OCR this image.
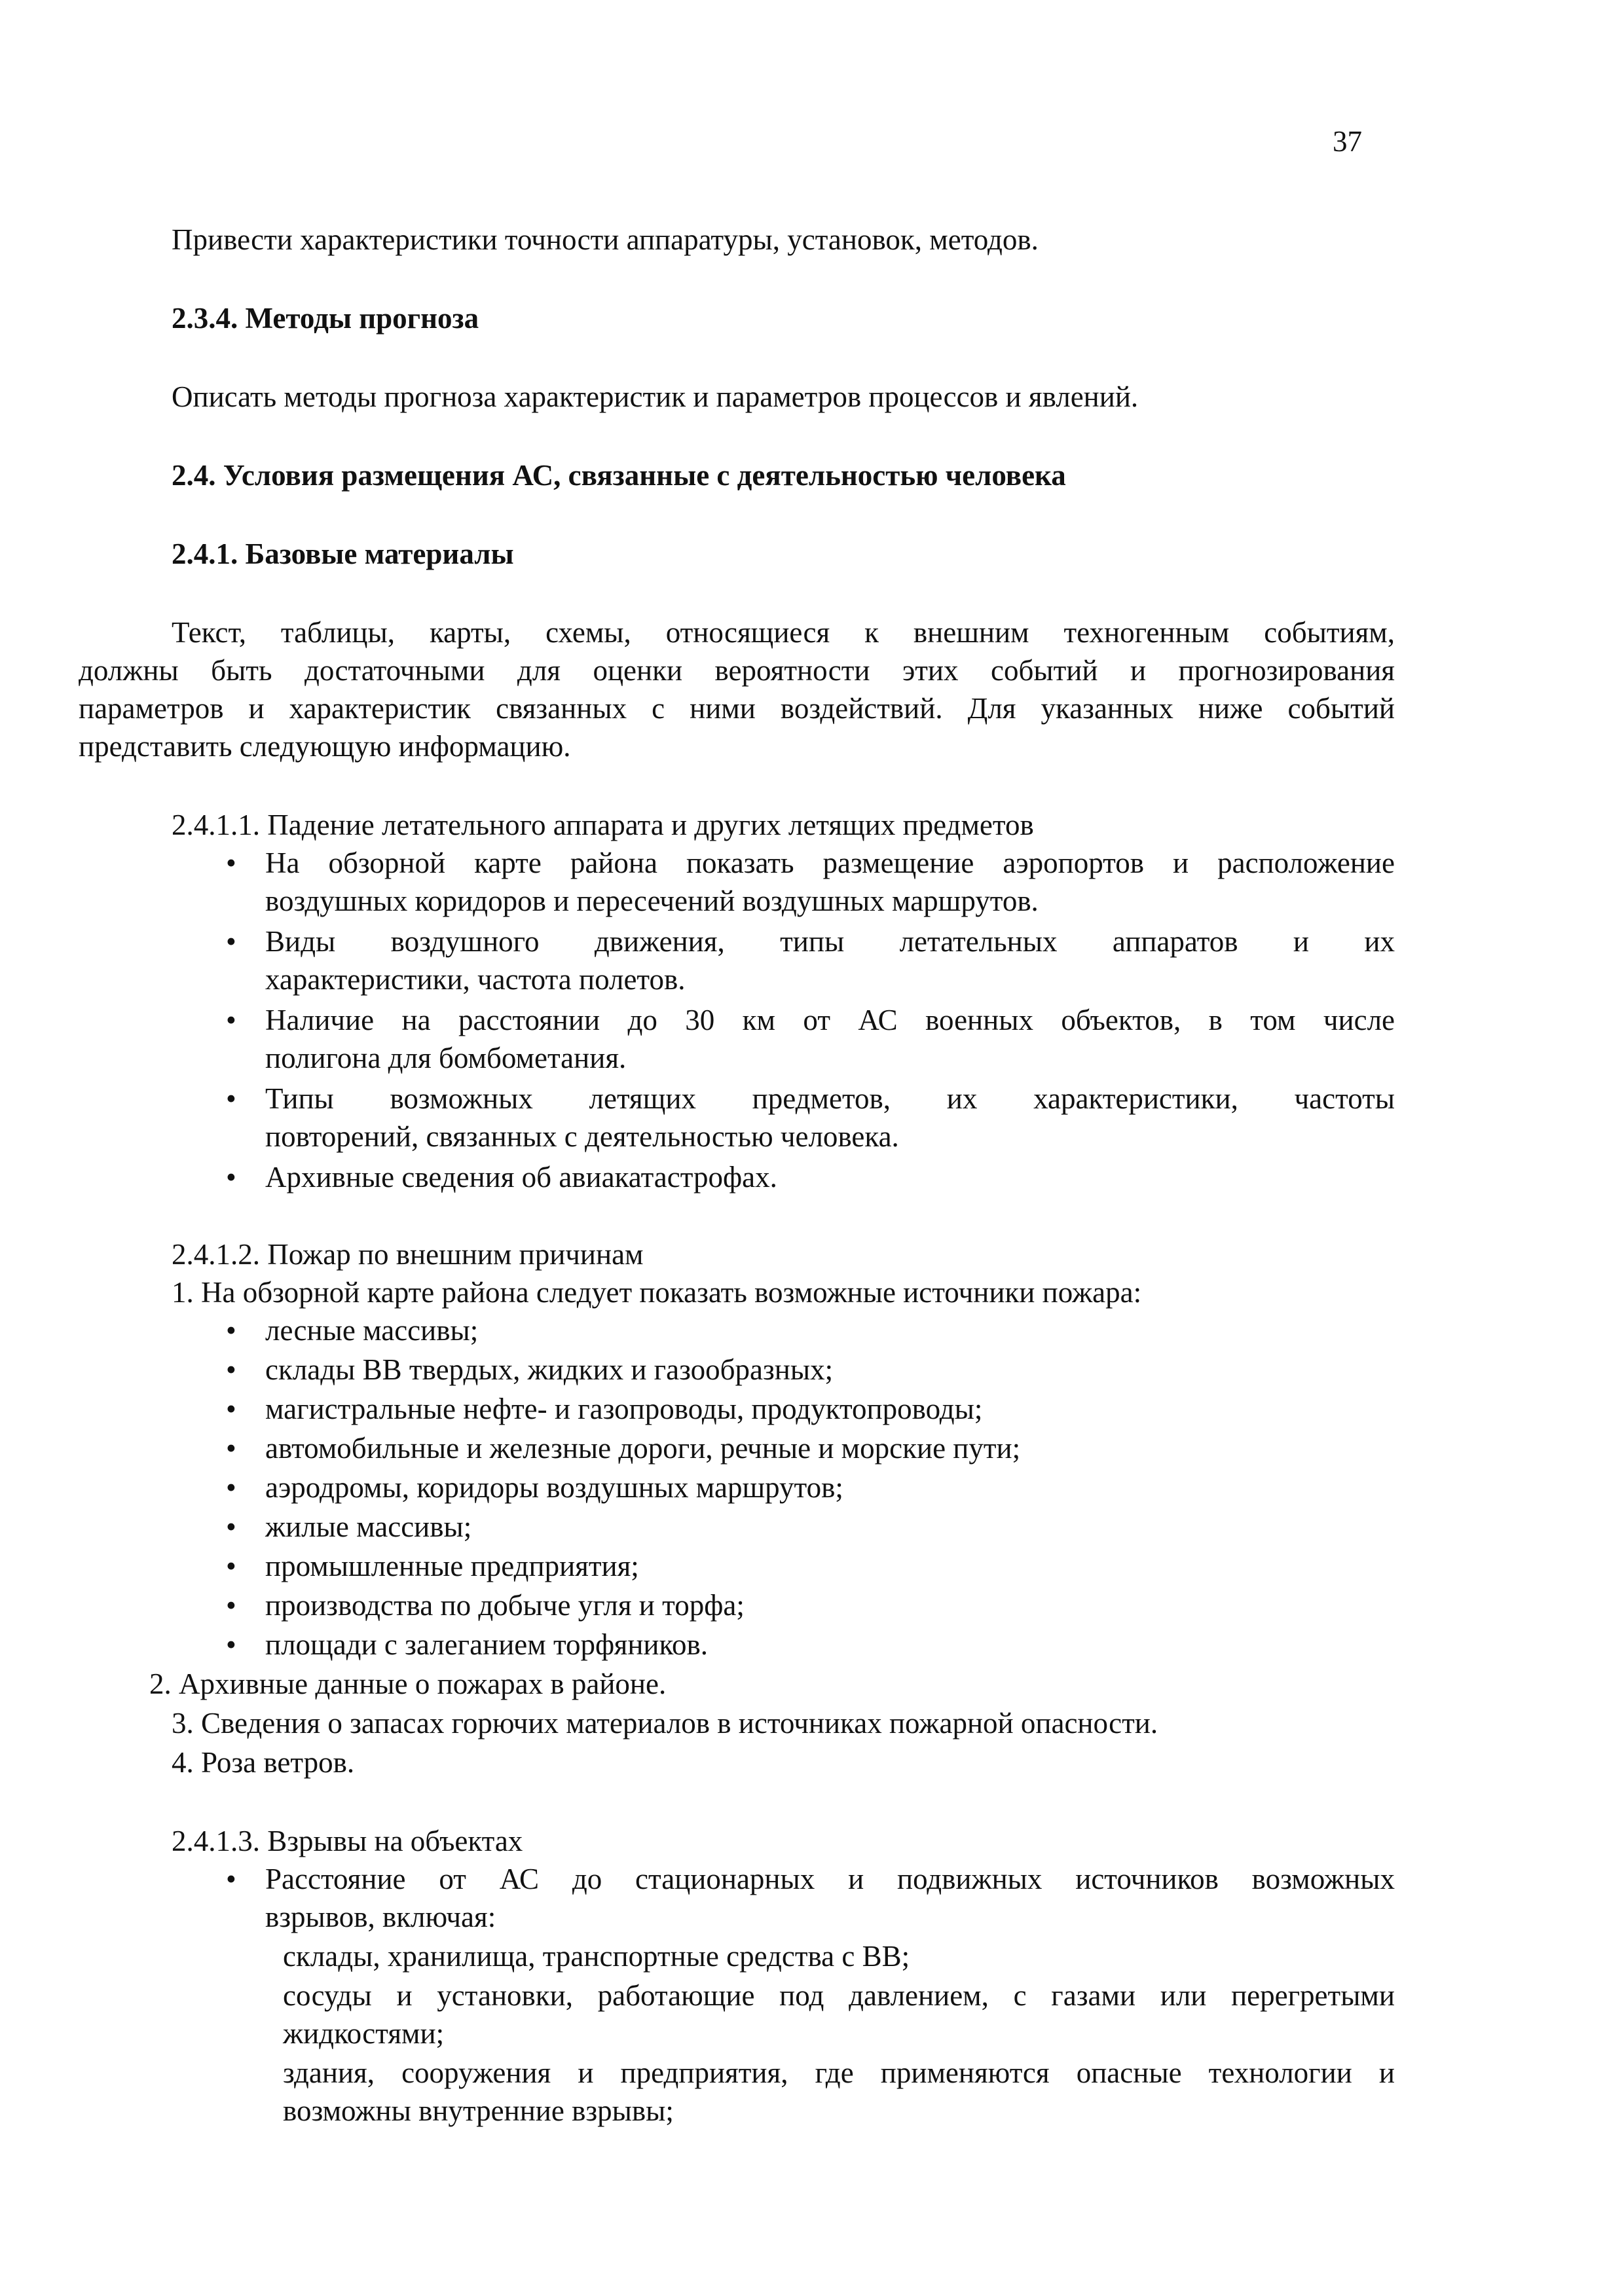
37
Привести характеристики точности аппаратуры, установок, методов.
2.3.4. Методы прогноза
Описать методы прогноза характеристик и параметров процессов и явлений.
2.4. Условия размещения АС, связанные с деятельностью человека
2.4.1. Базовые материалы
Текст, таблицы, карты, схемы, относящиеся к внешним техногенным событиям,
должны быть достаточными для оценки вероятности этих событий и прогнозирования
параметров и характеристик связанных с ними воздействий. Для указанных ниже событий
представить следующую информацию.
2.4.1.1. Падение летательного аппарата и других летящих предметов
• На обзорной карте района показать размещение аэропортов и расположение
воздушных коридоров и пересечений воздушных маршрутов.
• Виды воздушного движения, типы летательных аппаратов и их
характеристики, частота полетов.
• Наличие на расстоянии до 30 км от АС военных объектов, в том числе
полигона для бомбометания.
• Типы возможных летящих предметов, их характеристики, частоты
повторений, связанных с деятельностью человека.
• Архивные сведения об авиакатастрофах.
2.4.1.2. Пожар по внешним причинам
1. На обзорной карте района следует показать возможные источники пожара:
• лесные массивы;
• склады ВВ твердых, жидких и газообразных;
• магистральные нефте- и газопроводы, продуктопроводы;
• автомобильные и железные дороги, речные и морские пути;
• аэродромы, коридоры воздушных маршрутов;
• жилые массивы;
• промышленные предприятия;
• производства по добыче угля и торфа;
• площади с залеганием торфяников.
2. Архивные данные о пожарах в районе.
3. Сведения о запасах горючих материалов в источниках пожарной опасности.
4. Роза ветров.
2.4.1.3. Взрывы на объектах
• Расстояние от АС до стационарных и подвижных источников возможных
взрывов, включая:
склады, хранилища, транспортные средства с ВВ;
сосуды и установки, работающие под давлением, с газами или перегретыми
жидкостями;
здания, сооружения и предприятия, где применяются опасные технологии и
возможны внутренние взрывы;
